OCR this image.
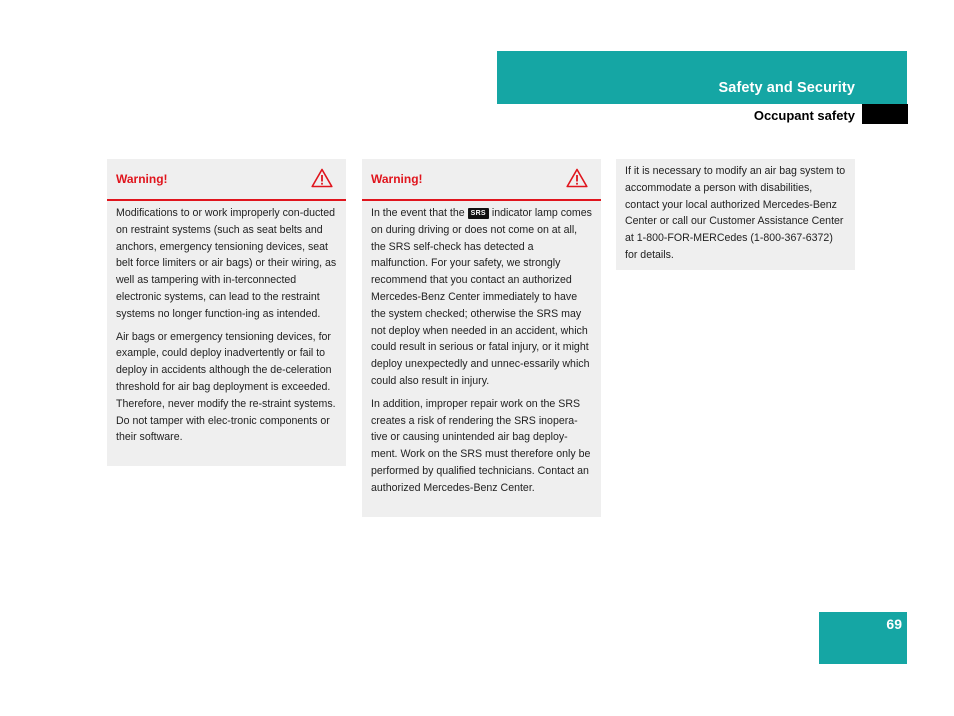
Safety and Security
Occupant safety
Warning!

Modifications to or work improperly con-ducted on restraint systems (such as seat belts and anchors, emergency tensioning devices, seat belt force limiters or air bags) or their wiring, as well as tampering with in-terconnected electronic systems, can lead to the restraint systems no longer function-ing as intended.

Air bags or emergency tensioning devices, for example, could deploy inadvertently or fail to deploy in accidents although the de-celeration threshold for air bag deployment is exceeded. Therefore, never modify the re-straint systems. Do not tamper with elec-tronic components or their software.

Warning!

In the event that the SRS indicator lamp comes on during driving or does not come on at all, the SRS self-check has detected a malfunction. For your safety, we strongly recommend that you contact an authorized Mercedes-Benz Center immediately to have the system checked; otherwise the SRS may not deploy when needed in an accident, which could result in serious or fatal injury, or it might deploy unexpectedly and unnec-essarily which could also result in injury.

In addition, improper repair work on the SRS creates a risk of rendering the SRS inopera-tive or causing unintended air bag deploy-ment. Work on the SRS must therefore only be performed by qualified technicians. Contact an authorized Mercedes-Benz Center.

If it is necessary to modify an air bag system to accommodate a person with disabilities, contact your local authorized Mercedes-Benz Center or call our Customer Assistance Center at 1-800-FOR-MERCedes (1-800-367-6372) for details.

69
